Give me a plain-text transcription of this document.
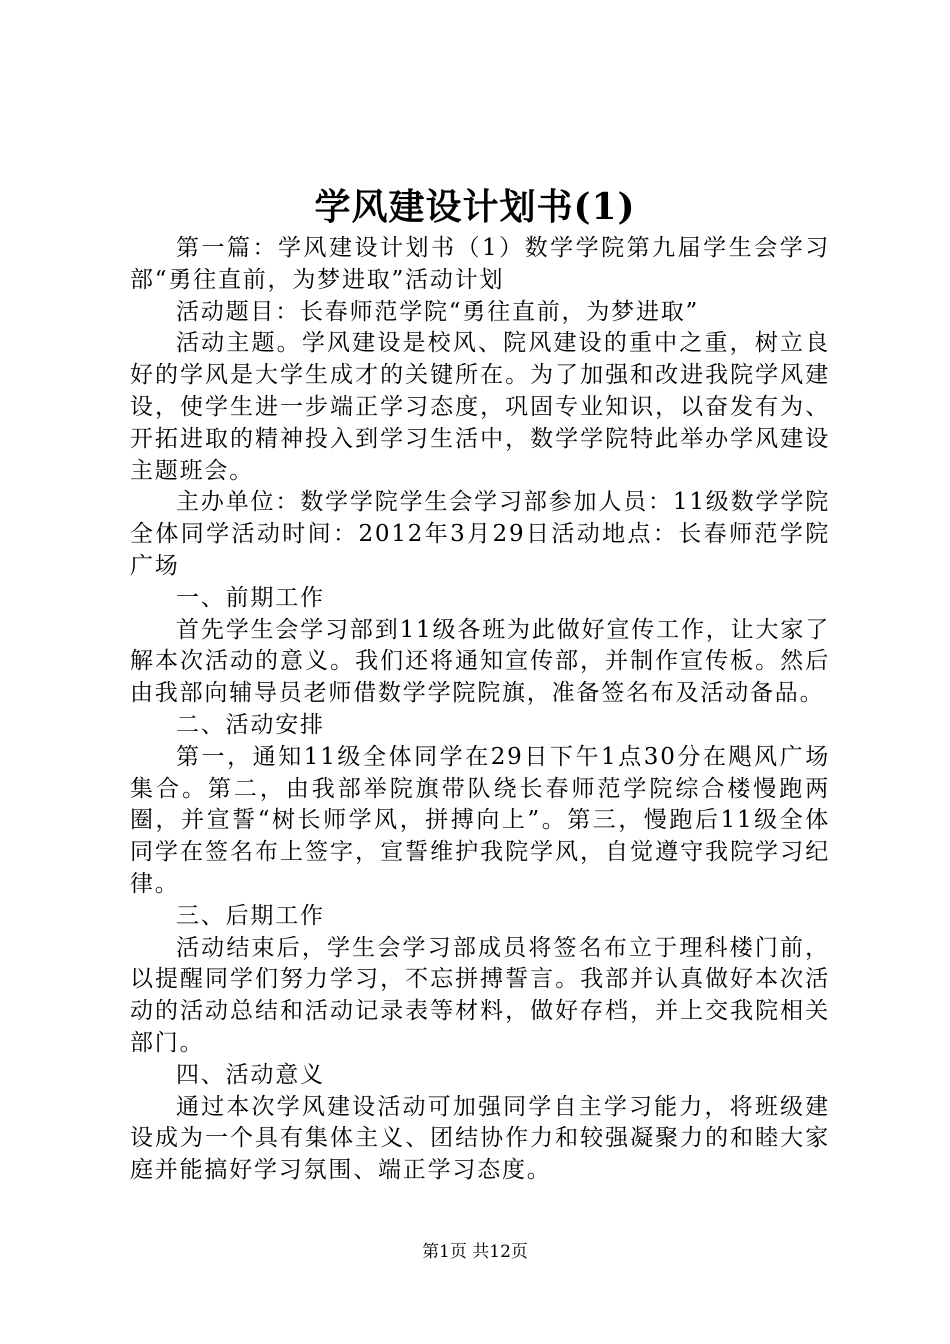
学风建设计划书(1)

第一篇：学风建设计划书（1）数学学院第九届学生会学习部“勇往直前，为梦进取”活动计划

活动题目：长春师范学院“勇往直前，为梦进取”

活动主题。学风建设是校风、院风建设的重中之重，树立良好的学风是大学生成才的关键所在。为了加强和改进我院学风建设，使学生进一步端正学习态度，巩固专业知识，以奋发有为、开拓进取的精神投入到学习生活中，数学学院特此举办学风建设主题班会。

主办单位：数学学院学生会学习部参加人员：11级数学学院全体同学活动时间：2012年3月29日活动地点：长春师范学院广场

一、前期工作

首先学生会学习部到11级各班为此做好宣传工作，让大家了解本次活动的意义。我们还将通知宣传部，并制作宣传板。然后由我部向辅导员老师借数学学院院旗，准备签名布及活动备品。

二、活动安排

第一，通知11级全体同学在29日下午1点30分在飓风广场集合。第二，由我部举院旗带队绕长春师范学院综合楼慢跑两圈，并宣誓“树长师学风，拼搏向上”。第三，慢跑后11级全体同学在签名布上签字，宣誓维护我院学风，自觉遵守我院学习纪律。

三、后期工作

活动结束后，学生会学习部成员将签名布立于理科楼门前，以提醒同学们努力学习，不忘拼搏誓言。我部并认真做好本次活动的活动总结和活动记录表等材料，做好存档，并上交我院相关部门。

四、活动意义

通过本次学风建设活动可加强同学自主学习能力，将班级建设成为一个具有集体主义、团结协作力和较强凝聚力的和睦大家庭并能搞好学习氛围、端正学习态度。

第1页 共12页
